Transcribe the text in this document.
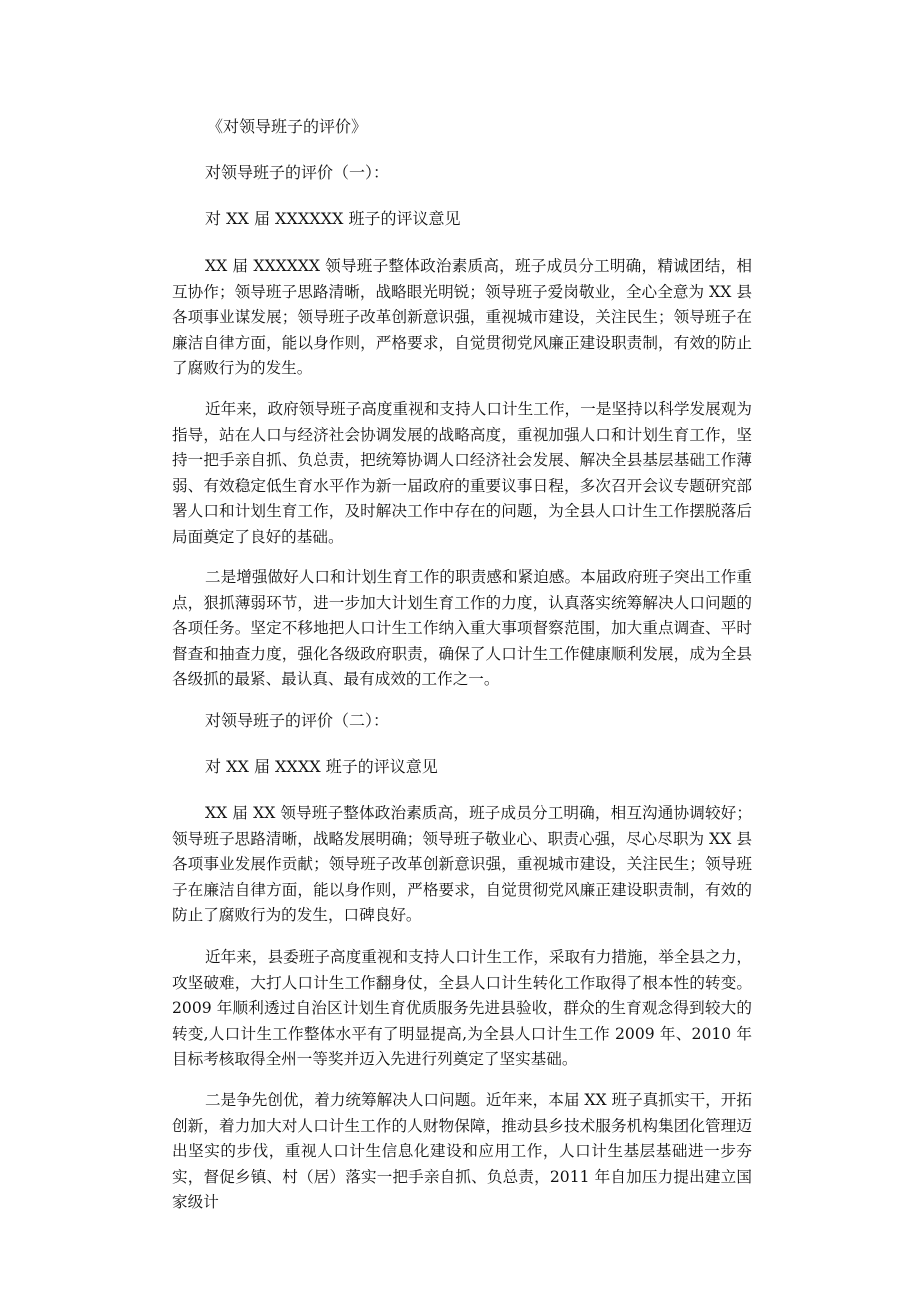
《对领导班子的评价》
对领导班子的评价（一）：
对 XX 届 XXXXXX 班子的评议意见

XX 届 XXXXXX 领导班子整体政治素质高，班子成员分工明确，精诚团结，相互协作；领导班子思路清晰，战略眼光明锐；领导班子爱岗敬业，全心全意为 XX 县各项事业谋发展；领导班子改革创新意识强，重视城市建设，关注民生；领导班子在廉洁自律方面，能以身作则，严格要求，自觉贯彻党风廉正建设职责制，有效的防止了腐败行为的发生。

近年来，政府领导班子高度重视和支持人口计生工作，一是坚持以科学发展观为指导，站在人口与经济社会协调发展的战略高度，重视加强人口和计划生育工作，坚持一把手亲自抓、负总责，把统筹协调人口经济社会发展、解决全县基层基础工作薄弱、有效稳定低生育水平作为新一届政府的重要议事日程，多次召开会议专题研究部署人口和计划生育工作，及时解决工作中存在的问题，为全县人口计生工作摆脱落后局面奠定了良好的基础。

二是增强做好人口和计划生育工作的职责感和紧迫感。本届政府班子突出工作重点，狠抓薄弱环节，进一步加大计划生育工作的力度，认真落实统筹解决人口问题的各项任务。坚定不移地把人口计生工作纳入重大事项督察范围，加大重点调查、平时督查和抽查力度，强化各级政府职责，确保了人口计生工作健康顺利发展，成为全县各级抓的最紧、最认真、最有成效的工作之一。

对领导班子的评价（二）：
对 XX 届 XXXX 班子的评议意见

XX 届 XX 领导班子整体政治素质高，班子成员分工明确，相互沟通协调较好；领导班子思路清晰，战略发展明确；领导班子敬业心、职责心强，尽心尽职为 XX 县各项事业发展作贡献；领导班子改革创新意识强，重视城市建设，关注民生；领导班子在廉洁自律方面，能以身作则，严格要求，自觉贯彻党风廉正建设职责制，有效的防止了腐败行为的发生，口碑良好。

近年来，县委班子高度重视和支持人口计生工作，采取有力措施，举全县之力，攻坚破难，大打人口计生工作翻身仗，全县人口计生转化工作取得了根本性的转变。2009 年顺利透过自治区计划生育优质服务先进县验收，群众的生育观念得到较大的转变,人口计生工作整体水平有了明显提高,为全县人口计生工作 2009 年、2010 年目标考核取得全州一等奖并迈入先进行列奠定了坚实基础。

二是争先创优，着力统筹解决人口问题。近年来，本届 XX 班子真抓实干，开拓创新，着力加大对人口计生工作的人财物保障，推动县乡技术服务机构集团化管理迈出坚实的步伐，重视人口计生信息化建设和应用工作，人口计生基层基础进一步夯实，督促乡镇、村（居）落实一把手亲自抓、负总责，2011 年自加压力提出建立国家级计
